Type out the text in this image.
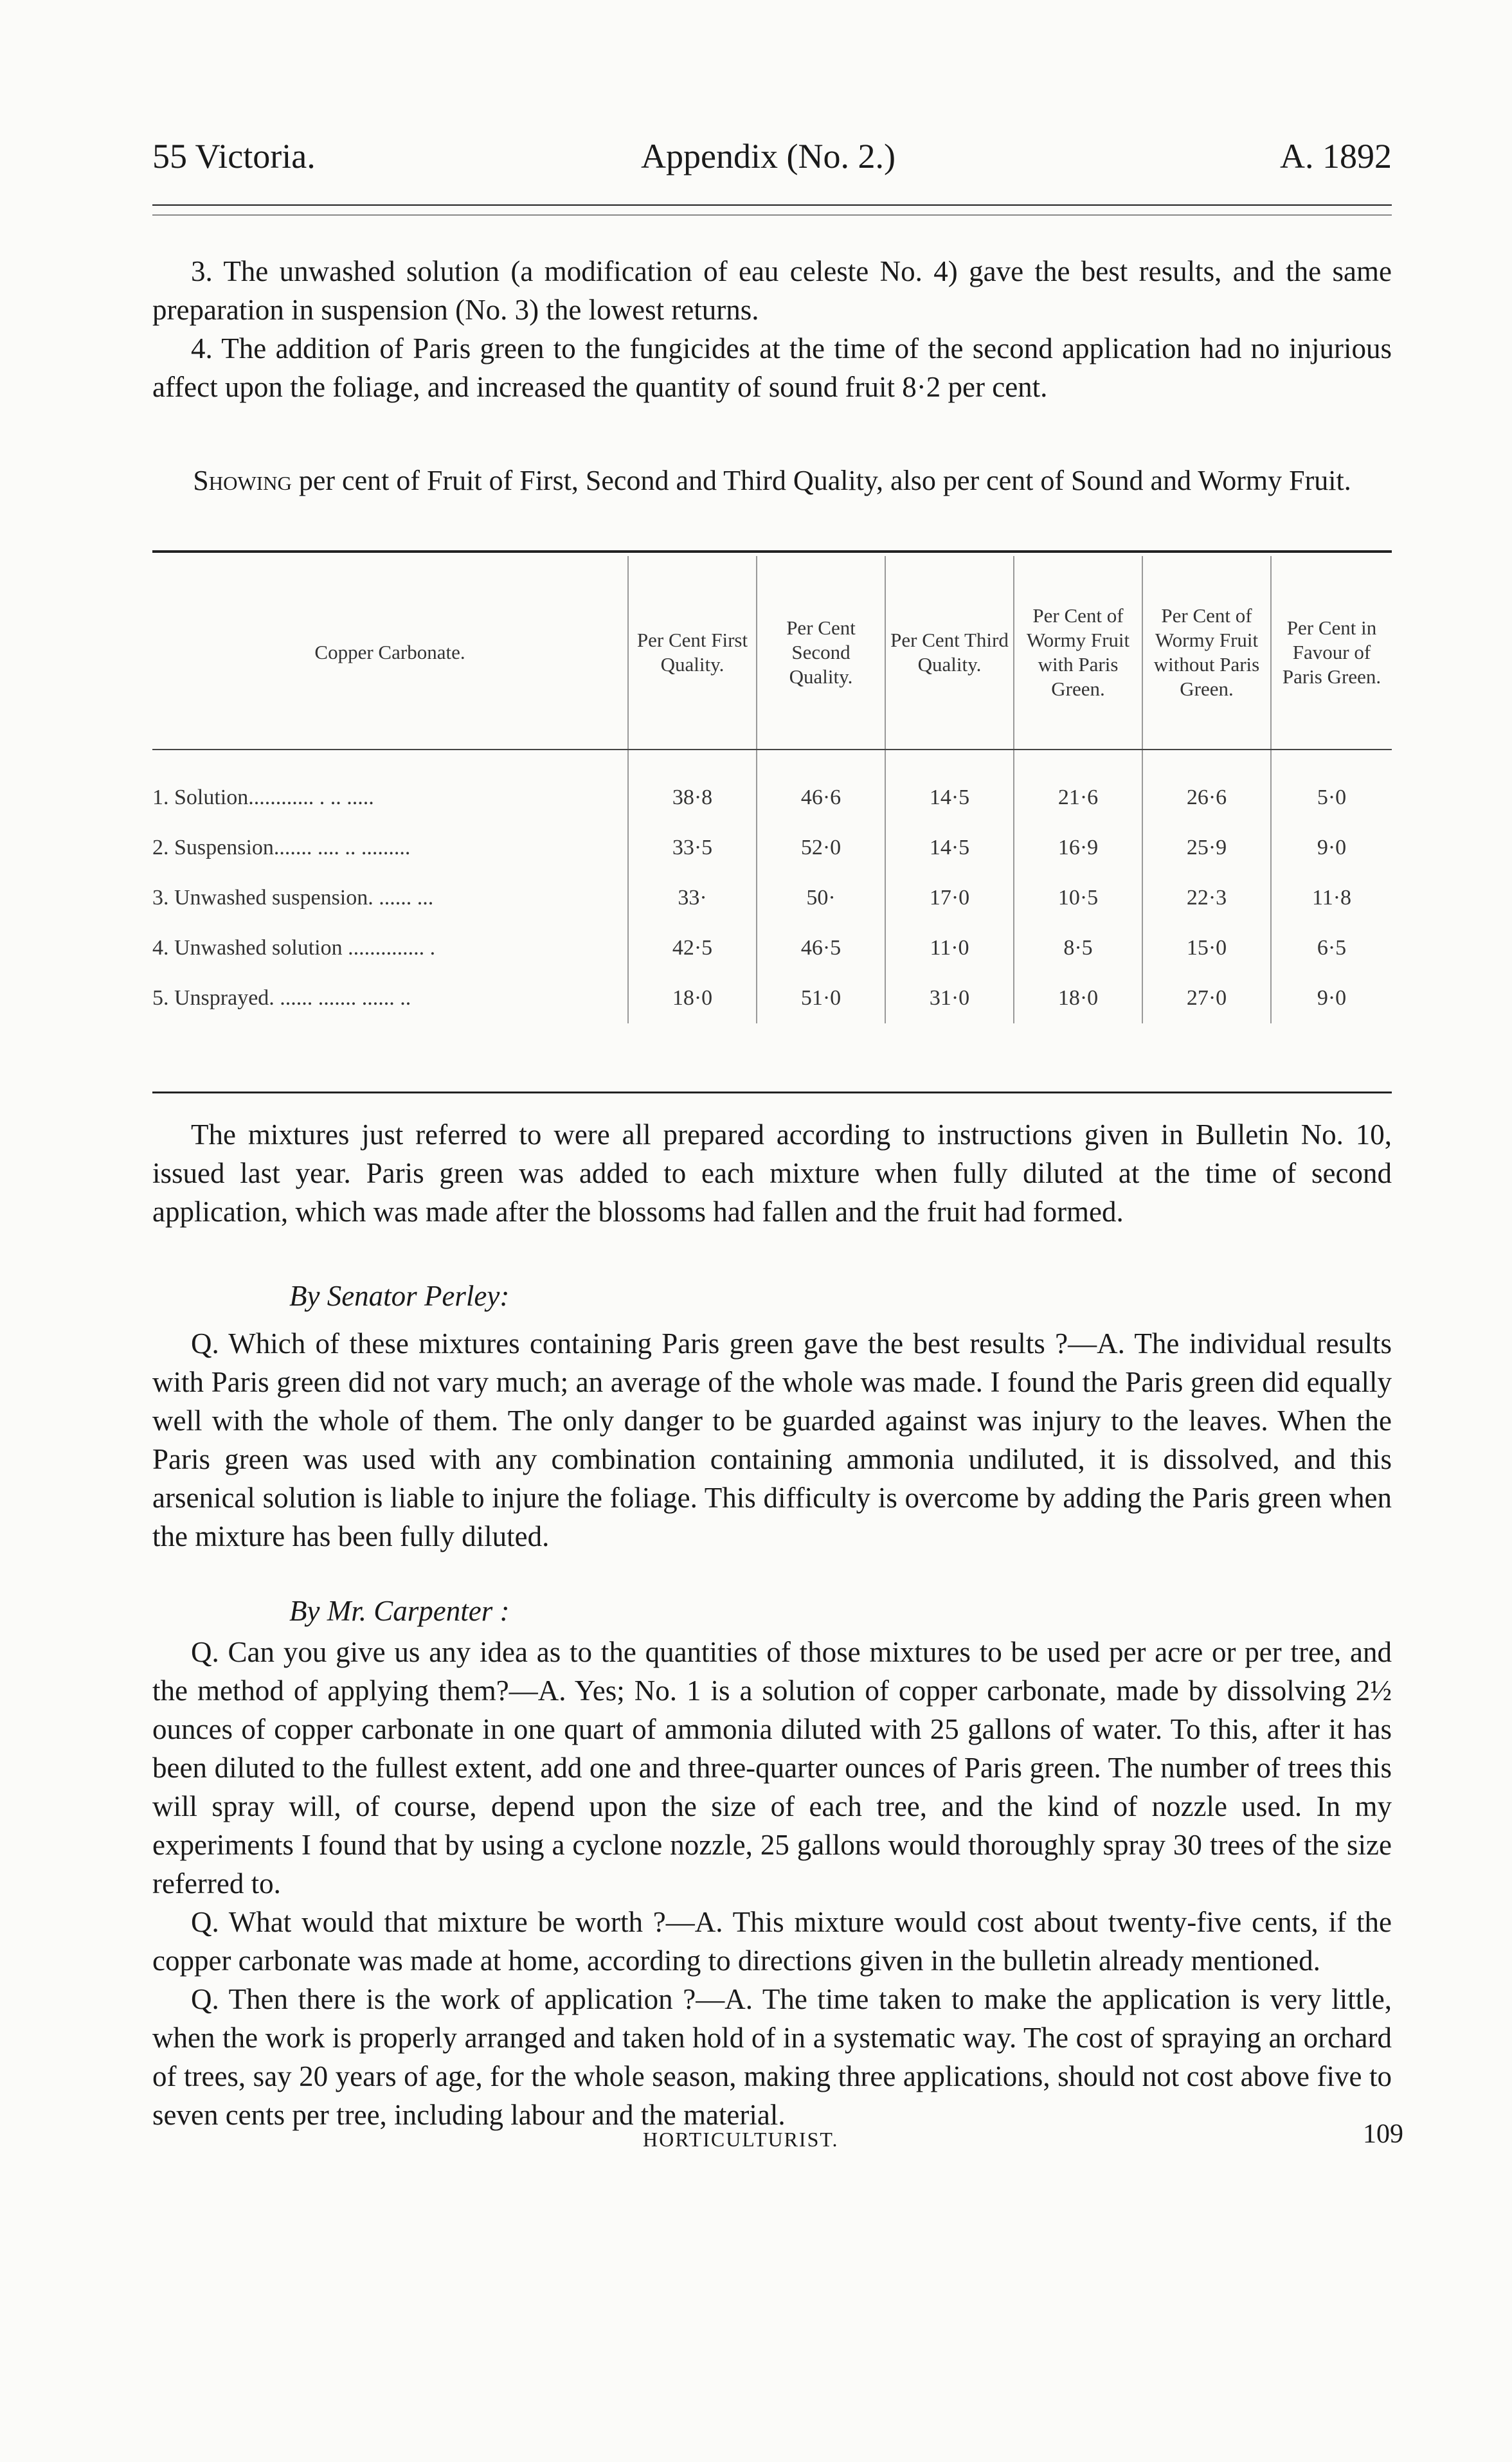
55 Victoria.	Appendix (No. 2.)	A. 1892

3. The unwashed solution (a modification of eau celeste No. 4) gave the best results, and the same preparation in suspension (No. 3) the lowest returns.

4. The addition of Paris green to the fungicides at the time of the second application had no injurious affect upon the foliage, and increased the quantity of sound fruit 8·2 per cent.

Showing per cent of Fruit of First, Second and Third Quality, also per cent of Sound and Wormy Fruit.
Copper Carbonate.	Per Cent First Quality.	Per Cent Second Quality.	Per Cent Third Quality.	Per Cent of Wormy Fruit with Paris Green.	Per Cent of Wormy Fruit without Paris Green.	Per Cent in Favour of Paris Green.
1. Solution............ . .. .....	38·8	46·6	14·5	21·6	26·6	5·0
2. Suspension....... .... .. .........	33·5	52·0	14·5	16·9	25·9	9·0
3. Unwashed suspension. ...... ...	33·	50·	17·0	10·5	22·3	11·8
4. Unwashed solution .............. .	42·5	46·5	11·0	8·5	15·0	6·5
5. Unsprayed. ...... ....... ...... ..	18·0	51·0	31·0	18·0	27·0	9·0

The mixtures just referred to were all prepared according to instructions given in Bulletin No. 10, issued last year. Paris green was added to each mixture when fully diluted at the time of second application, which was made after the blossoms had fallen and the fruit had formed.

By Senator Perley:

Q. Which of these mixtures containing Paris green gave the best results ?—A. The individual results with Paris green did not vary much; an average of the whole was made. I found the Paris green did equally well with the whole of them. The only danger to be guarded against was injury to the leaves. When the Paris green was used with any combination containing ammonia undiluted, it is dissolved, and this arsenical solution is liable to injure the foliage. This difficulty is overcome by adding the Paris green when the mixture has been fully diluted.

By Mr. Carpenter :

Q. Can you give us any idea as to the quantities of those mixtures to be used per acre or per tree, and the method of applying them?—A. Yes; No. 1 is a solution of copper carbonate, made by dissolving 2½ ounces of copper carbonate in one quart of ammonia diluted with 25 gallons of water. To this, after it has been diluted to the fullest extent, add one and three-quarter ounces of Paris green. The number of trees this will spray will, of course, depend upon the size of each tree, and the kind of nozzle used. In my experiments I found that by using a cyclone nozzle, 25 gallons would thoroughly spray 30 trees of the size referred to.

Q. What would that mixture be worth ?—A. This mixture would cost about twenty-five cents, if the copper carbonate was made at home, according to directions given in the bulletin already mentioned.

Q. Then there is the work of application ?—A. The time taken to make the application is very little, when the work is properly arranged and taken hold of in a systematic way. The cost of spraying an orchard of trees, say 20 years of age, for the whole season, making three applications, should not cost above five to seven cents per tree, including labour and the material.

HORTICULTURIST.	109
